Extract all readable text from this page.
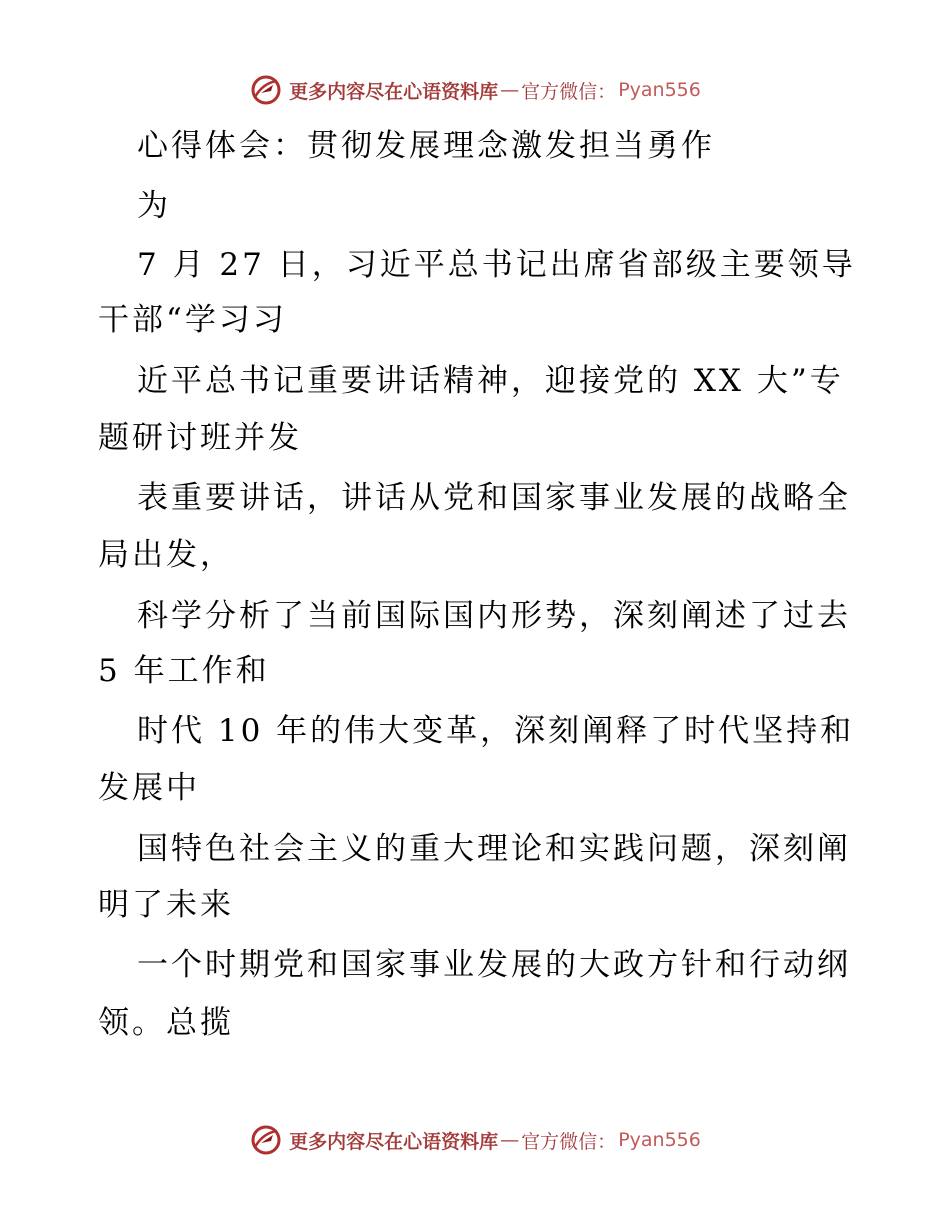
更多内容尽在心语资料库 — 官方微信： Pyan556
心得体会：贯彻发展理念激发担当勇作
为
7 月 27 日，习近平总书记出席省部级主要领导
干部“学习习
近平总书记重要讲话精神，迎接党的 XX 大”专
题研讨班并发
表重要讲话，讲话从党和国家事业发展的战略全
局出发，
科学分析了当前国际国内形势，深刻阐述了过去
5 年工作和
时代 10 年的伟大变革，深刻阐释了时代坚持和
发展中
国特色社会主义的重大理论和实践问题，深刻阐
明了未来
一个时期党和国家事业发展的大政方针和行动纲
领。总揽
更多内容尽在心语资料库 — 官方微信： Pyan556
